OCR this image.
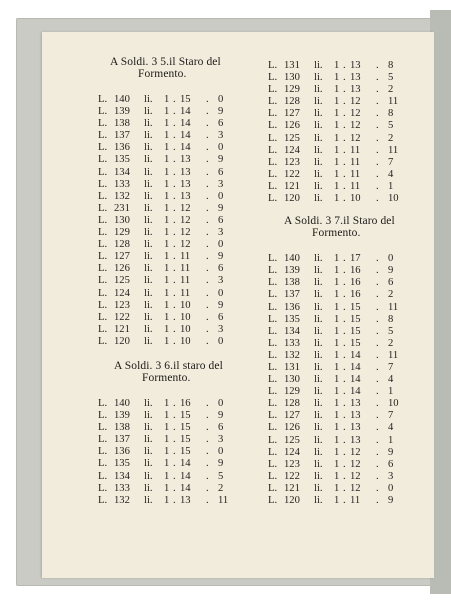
A Soldi. 3 5.il Staro del
Formento.
L. 140 li. 1 . 15 . 0
L. 139 li. 1 . 14 . 9
L. 138 li. 1 . 14 . 6
L. 137 li. 1 . 14 . 3
L. 136 li. 1 . 14 . 0
L. 135 li. 1 . 13 . 9
L. 134 li. 1 . 13 . 6
L. 133 li. 1 . 13 . 3
L. 132 li. 1 . 13 . 0
L. 231 li. 1 . 12 . 9
L. 130 li. 1 . 12 . 6
L. 129 li. 1 . 12 . 3
L. 128 li. 1 . 12 . 0
L. 127 li. 1 . 11 . 9
L. 126 li. 1 . 11 . 6
L. 125 li. 1 . 11 . 3
L. 124 li. 1 . 11 . 0
L. 123 li. 1 . 10 . 9
L. 122 li. 1 . 10 . 6
L. 121 li. 1 . 10 . 3
L. 120 li. 1 . 10 . 0
A Soldi. 3 6.il staro del
Formento.
L. 140 li. 1 . 16 . 0
L. 139 li. 1 . 15 . 9
L. 138 li. 1 . 15 . 6
L. 137 li. 1 . 15 . 3
L. 136 li. 1 . 15 . 0
L. 135 li. 1 . 14 . 9
L. 134 li. 1 . 14 . 5
L. 133 li. 1 . 14 . 2
L. 132 li. 1 . 13 . 11
L. 131 li. 1 . 13 . 8
L. 130 li. 1 . 13 . 5
L. 129 li. 1 . 13 . 2
L. 128 li. 1 . 12 . 11
L. 127 li. 1 . 12 . 8
L. 126 li. 1 . 12 . 5
L. 125 li. 1 . 12 . 2
L. 124 li. 1 . 11 . 11
L. 123 li. 1 . 11 . 7
L. 122 li. 1 . 11 . 4
L. 121 li. 1 . 11 . 1
L. 120 li. 1 . 10 . 10
A Soldi. 3 7.il Staro del
Formento.
L. 140 li. 1 . 17 . 0
L. 139 li. 1 . 16 . 9
L. 138 li. 1 . 16 . 6
L. 137 li. 1 . 16 . 2
L. 136 li. 1 . 15 . 11
L. 135 li. 1 . 15 . 8
L. 134 li. 1 . 15 . 5
L. 133 li. 1 . 15 . 2
L. 132 li. 1 . 14 . 11
L. 131 li. 1 . 14 . 7
L. 130 li. 1 . 14 . 4
L. 129 li. 1 . 14 . 1
L. 128 li. 1 . 13 . 10
L. 127 li. 1 . 13 . 7
L. 126 li. 1 . 13 . 4
L. 125 li. 1 . 13 . 1
L. 124 li. 1 . 12 . 9
L. 123 li. 1 . 12 . 6
L. 122 li. 1 . 12 . 3
L. 121 li. 1 . 12 . 0
L. 120 li. 1 . 11 . 9
